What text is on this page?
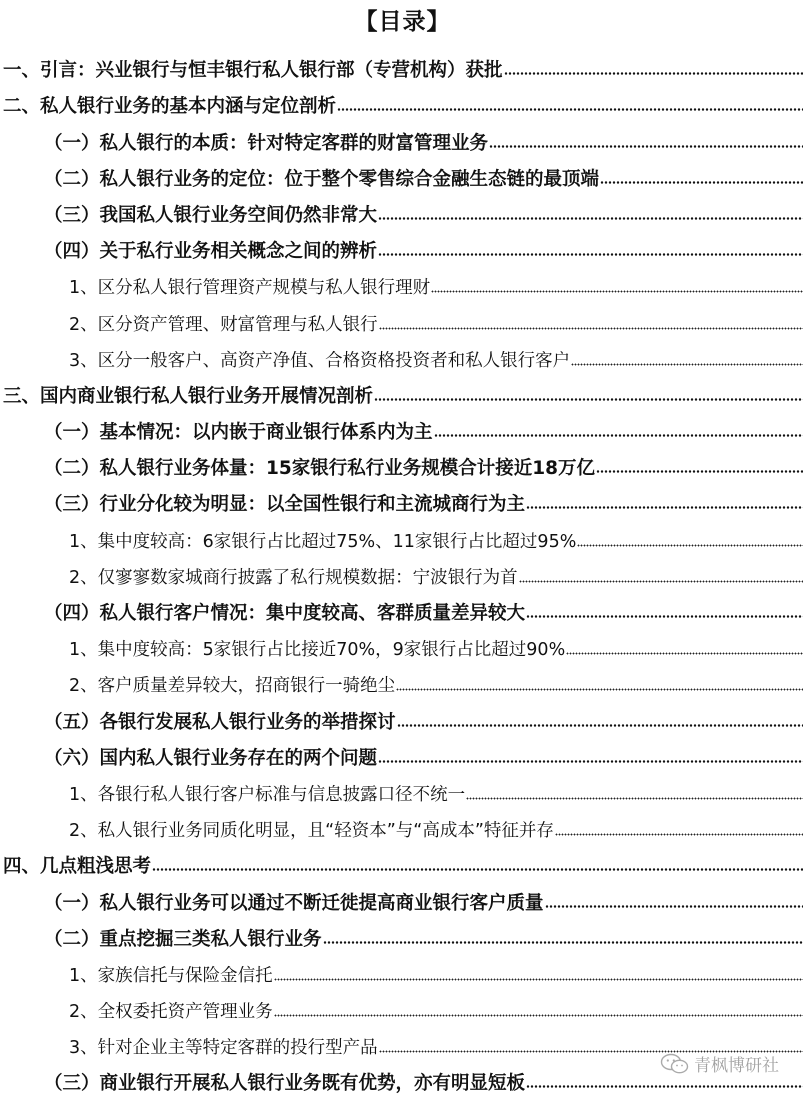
【目录】
一、引言：兴业银行与恒丰银行私人银行部（专营机构）获批
二、私人银行业务的基本内涵与定位剖析
（一）私人银行的本质：针对特定客群的财富管理业务
（二）私人银行业务的定位：位于整个零售综合金融生态链的最顶端
（三）我国私人银行业务空间仍然非常大
（四）关于私行业务相关概念之间的辨析
1、区分私人银行管理资产规模与私人银行理财
2、区分资产管理、财富管理与私人银行
3、区分一般客户、高资产净值、合格资格投资者和私人银行客户
三、国内商业银行私人银行业务开展情况剖析
（一）基本情况：以内嵌于商业银行体系内为主
（二）私人银行业务体量：15家银行私行业务规模合计接近18万亿
（三）行业分化较为明显：以全国性银行和主流城商行为主
1、集中度较高：6家银行占比超过75%、11家银行占比超过95%
2、仅寥寥数家城商行披露了私行规模数据：宁波银行为首
（四）私人银行客户情况：集中度较高、客群质量差异较大
1、集中度较高：5家银行占比接近70%，9家银行占比超过90%
2、客户质量差异较大，招商银行一骑绝尘
（五）各银行发展私人银行业务的举措探讨
（六）国内私人银行业务存在的两个问题
1、各银行私人银行客户标准与信息披露口径不统一
2、私人银行业务同质化明显，且“轻资本”与“高成本”特征并存
四、几点粗浅思考
（一）私人银行业务可以通过不断迁徙提高商业银行客户质量
（二）重点挖掘三类私人银行业务
1、家族信托与保险金信托
2、全权委托资产管理业务
3、针对企业主等特定客群的投行型产品
（三）商业银行开展私人银行业务既有优势，亦有明显短板
青枫博研社
